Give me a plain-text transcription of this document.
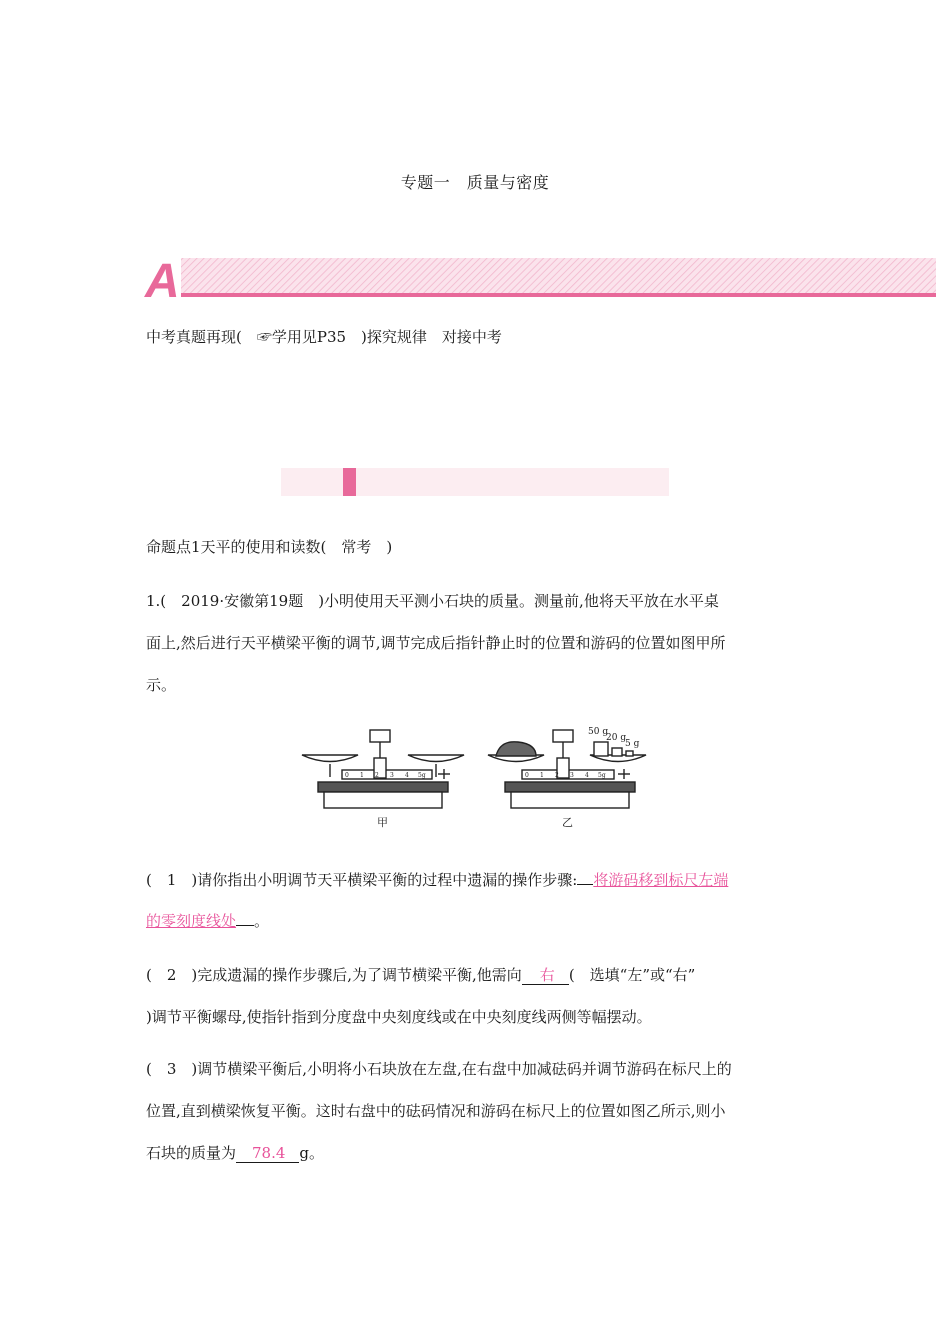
专题一　质量与密度
A
中考真题再现(　☞学用见P35　)探究规律　对接中考
命题点1天平的使用和读数(　常考　)
1.(　2019·安徽第19题　)小明使用天平测小石块的质量。测量前,他将天平放在水平桌
面上,然后进行天平横梁平衡的调节,调节完成后指针静止时的位置和游码的位置如图甲所
示。
50 g
20 g
5 g
0 1 2 3 4 5g	0 1 2 3 4 5g
甲	乙
(　1　)请你指出小明调节天平横梁平衡的过程中遗漏的操作步骤: 将游码移到标尺左端
的零刻度线处 。
(　2　)完成遗漏的操作步骤后,为了调节横梁平衡,他需向 右 (　选填“左”或“右”
)调节平衡螺母,使指针指到分度盘中央刻度线或在中央刻度线两侧等幅摆动。
(　3　)调节横梁平衡后,小明将小石块放在左盘,在右盘中加减砝码并调节游码在标尺上的
位置,直到横梁恢复平衡。这时右盘中的砝码情况和游码在标尺上的位置如图乙所示,则小
石块的质量为 78.4 g。
